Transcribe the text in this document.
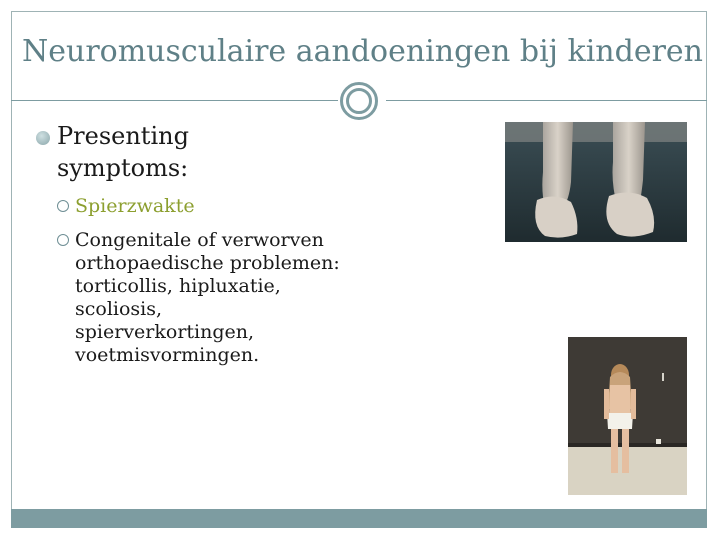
Neuromusculaire aandoeningen bij kinderen
Presenting symptoms:
Spierzwakte
Congenitale of verworven orthopaedische problemen: torticollis, hipluxatie, scoliosis, spierverkortingen, voetmisvormingen.
